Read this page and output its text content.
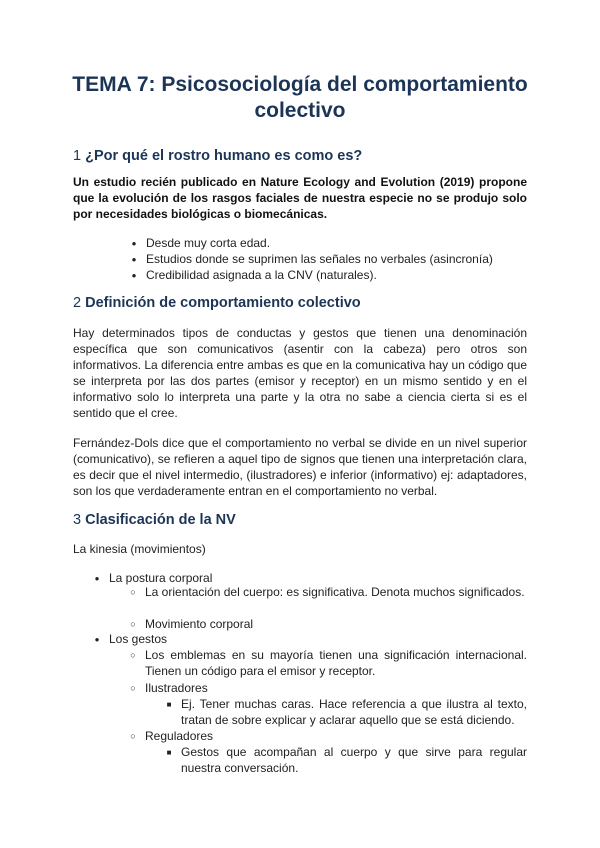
TEMA 7: Psicosociología del comportamiento colectivo
1 ¿Por qué el rostro humano es como es?

Un estudio recién publicado en Nature Ecology and Evolution (2019) propone que la evolución de los rasgos faciales de nuestra especie no se produjo solo por necesidades biológicas o biomecánicas.

●
Desde muy corta edad.
●
Estudios donde se suprimen las señales no verbales (asincronía)
●
Credibilidad asignada a la CNV (naturales).
2 Definición de comportamiento colectivo

Hay determinados tipos de conductas y gestos que tienen una denominación específica que son comunicativos (asentir con la cabeza) pero otros son informativos. La diferencia entre ambas es que en la comunicativa hay un código que se interpreta por las dos partes (emisor y receptor) en un mismo sentido y en el informativo solo lo interpreta una parte y la otra no sabe a ciencia cierta si es el sentido que el cree.

Fernández-Dols dice que el comportamiento no verbal se divide en un nivel superior (comunicativo), se refieren a aquel tipo de signos que tienen una interpretación clara, es decir que el nivel intermedio, (ilustradores) e inferior (informativo) ej: adaptadores, son los que verdaderamente entran en el comportamiento no verbal.

3 Clasificación de la NV

La kinesia (movimientos)

●
La postura corporal
○
La orientación del cuerpo: es significativa. Denota muchos significados.
○
Movimiento corporal
●
Los gestos
○
Los emblemas en su mayoría tienen una significación internacional. Tienen un código para el emisor y receptor.
○
Ilustradores
■
Ej. Tener muchas caras. Hace referencia a que ilustra al texto, tratan de sobre explicar y aclarar aquello que se está diciendo.
○
Reguladores
■
Gestos que acompañan al cuerpo y que sirve para regular nuestra conversación.
